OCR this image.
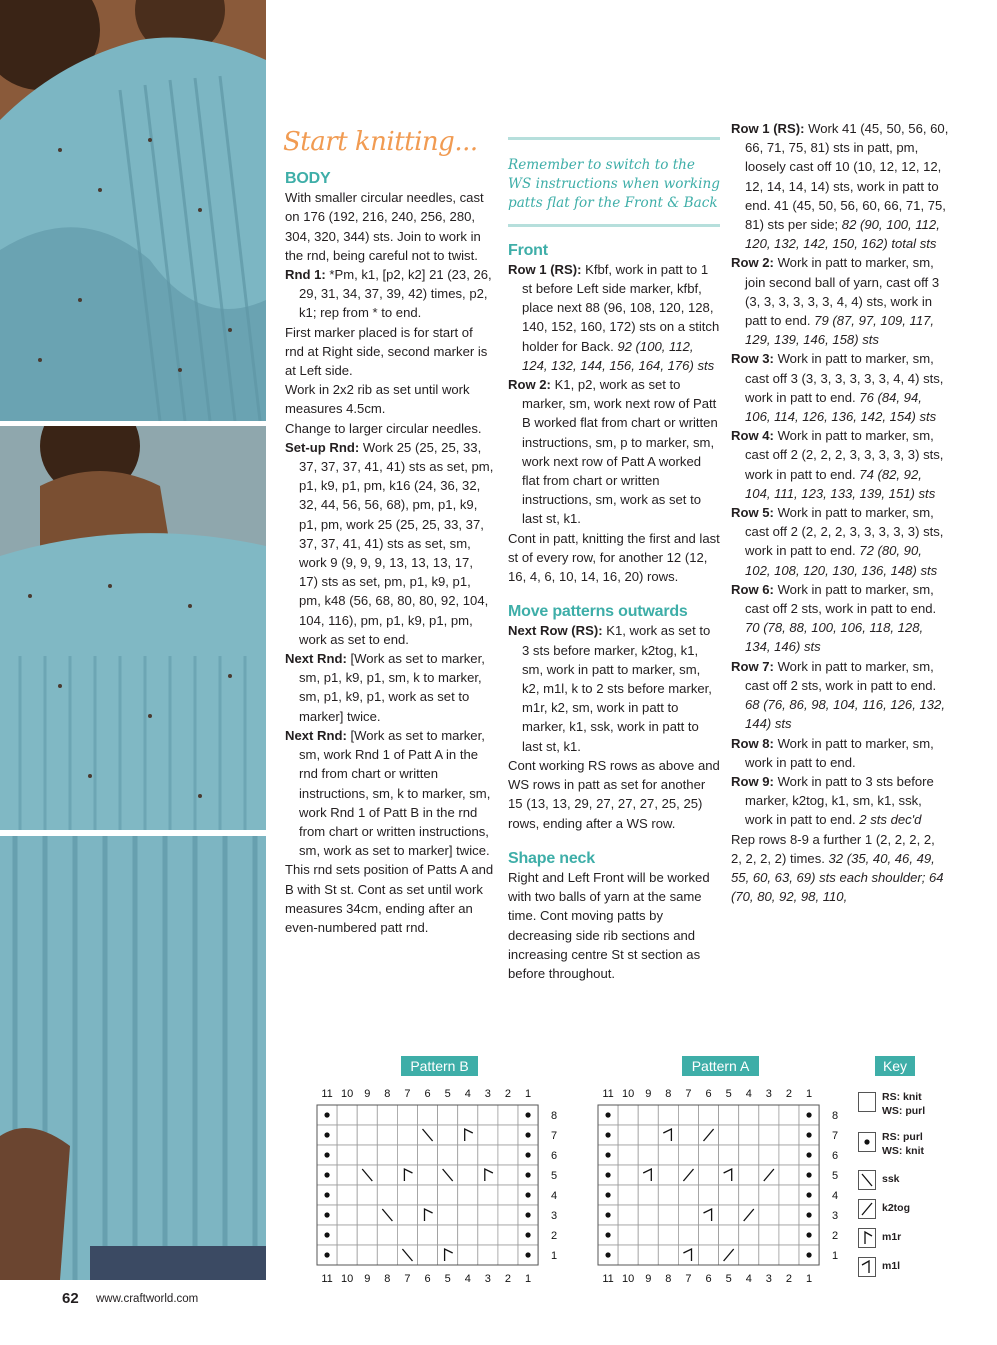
Start knitting...
BODY

With smaller circular needles, cast on 176 (192, 216, 240, 256, 280, 304, 320, 344) sts. Join to work in the rnd, being careful not to twist.

Rnd 1: *Pm, k1, [p2, k2] 21 (23, 26, 29, 31, 34, 37, 39, 42) times, p2, k1; rep from * to end.

First marker placed is for start of rnd at Right side, second marker is at Left side.

Work in 2x2 rib as set until work measures 4.5cm.

Change to larger circular needles.

Set-up Rnd: Work 25 (25, 25, 33, 37, 37, 37, 41, 41) sts as set, pm, p1, k9, p1, pm, k16 (24, 36, 32, 32, 44, 56, 56, 68), pm, p1, k9, p1, pm, work 25 (25, 25, 33, 37, 37, 37, 41, 41) sts as set, sm, work 9 (9, 9, 9, 13, 13, 13, 17, 17) sts as set, pm, p1, k9, p1, pm, k48 (56, 68, 80, 80, 92, 104, 104, 116), pm, p1, k9, p1, pm, work as set to end.

Next Rnd: [Work as set to marker, sm, p1, k9, p1, sm, k to marker, sm, p1, k9, p1, work as set to marker] twice.

Next Rnd: [Work as set to marker, sm, work Rnd 1 of Patt A in the rnd from chart or written instructions, sm, k to marker, sm, work Rnd 1 of Patt B in the rnd from chart or written instructions, sm, work as set to marker] twice.

This rnd sets position of Patts A and B with St st. Cont as set until work measures 34cm, ending after an even-numbered patt rnd.

Remember to switch to the WS instructions when working patts flat for the Front & Back
Front

Row 1 (RS): Kfbf, work in patt to 1 st before Left side marker, kfbf, place next 88 (96, 108, 120, 128, 140, 152, 160, 172) sts on a stitch holder for Back. 92 (100, 112, 124, 132, 144, 156, 164, 176) sts

Row 2: K1, p2, work as set to marker, sm, work next row of Patt B worked flat from chart or written instructions, sm, p to marker, sm, work next row of Patt A worked flat from chart or written instructions, sm, work as set to last st, k1.

Cont in patt, knitting the first and last st of every row, for another 12 (12, 16, 4, 6, 10, 14, 16, 20) rows.

Move patterns outwards

Next Row (RS): K1, work as set to 3 sts before marker, k2tog, k1, sm, work in patt to marker, sm, k2, m1l, k to 2 sts before marker, m1r, k2, sm, work in patt to marker, k1, ssk, work in patt to last st, k1.

Cont working RS rows as above and WS rows in patt as set for another 15 (13, 13, 29, 27, 27, 27, 25, 25) rows, ending after a WS row.

Shape neck

Right and Left Front will be worked with two balls of yarn at the same time. Cont moving patts by decreasing side rib sections and increasing centre St st section as before throughout.

Row 1 (RS): Work 41 (45, 50, 56, 60, 66, 71, 75, 81) sts in patt, pm, loosely cast off 10 (10, 12, 12, 12, 12, 14, 14, 14) sts, work in patt to end. 41 (45, 50, 56, 60, 66, 71, 75, 81) sts per side; 82 (90, 100, 112, 120, 132, 142, 150, 162) total sts

Row 2: Work in patt to marker, sm, join second ball of yarn, cast off 3 (3, 3, 3, 3, 3, 3, 4, 4) sts, work in patt to end. 79 (87, 97, 109, 117, 129, 139, 146, 158) sts

Row 3: Work in patt to marker, sm, cast off 3 (3, 3, 3, 3, 3, 3, 4, 4) sts, work in patt to end. 76 (84, 94, 106, 114, 126, 136, 142, 154) sts

Row 4: Work in patt to marker, sm, cast off 2 (2, 2, 2, 3, 3, 3, 3, 3) sts, work in patt to end. 74 (82, 92, 104, 111, 123, 133, 139, 151) sts

Row 5: Work in patt to marker, sm, cast off 2 (2, 2, 2, 3, 3, 3, 3, 3) sts, work in patt to end. 72 (80, 90, 102, 108, 120, 130, 136, 148) sts

Row 6: Work in patt to marker, sm, cast off 2 sts, work in patt to end. 70 (78, 88, 100, 106, 118, 128, 134, 146) sts

Row 7: Work in patt to marker, sm, cast off 2 sts, work in patt to end. 68 (76, 86, 98, 104, 116, 126, 132, 144) sts

Row 8: Work in patt to marker, sm, work in patt to end.

Row 9: Work in patt to 3 sts before marker, k2tog, k1, sm, k1, ssk, work in patt to end. 2 sts dec'd

Rep rows 8-9 a further 1 (2, 2, 2, 2, 2, 2, 2, 2) times. 32 (35, 40, 46, 49, 55, 60, 63, 69) sts each shoulder; 64 (70, 80, 92, 98, 110,

Pattern B	Pattern A	Key
11
11
10
10
9
9
8
8
7
7
6
6
5
5
4
4
3
3
2
2
1
1
8
7
6
5
4
3
2
1
11
11
10
10
9
9
8
8
7
7
6
6
5
5
4
4
3
3
2
2
1
1
8
7
6
5
4
3
2
1
RS: knit
WS: purl
RS: purl
WS: knit
ssk
k2tog
m1r
m1l
62 www.craftworld.com
